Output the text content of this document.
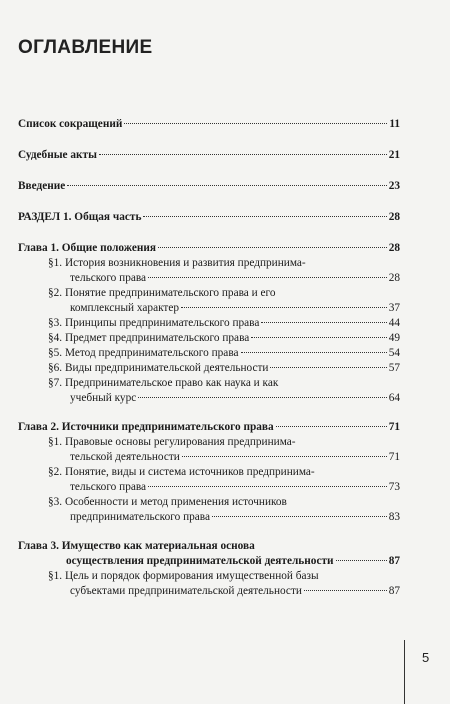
ОГЛАВЛЕНИЕ
Список сокращений	11
Судебные акты	21
Введение	23
РАЗДЕЛ 1. Общая часть	28
Глава 1. Общие положения	28
§1. История возникновения и развития предпринима-
тельского права	28
§2. Понятие предпринимательского права и его
комплексный характер	37
§3. Принципы предпринимательского права	44
§4. Предмет предпринимательского права	49
§5. Метод предпринимательского права	54
§6. Виды предпринимательской деятельности	57
§7. Предпринимательское право как наука и как
учебный курс	64
Глава 2. Источники предпринимательского права	71
§1. Правовые основы регулирования предпринима-
тельской деятельности	71
§2. Понятие, виды и система источников предпринима-
тельского права	73
§3. Особенности и метод применения источников
предпринимательского права	83
Глава 3. Имущество как материальная основа
осуществления предпринимательской деятельности	87
§1. Цель и порядок формирования имущественной базы
субъектами предпринимательской деятельности	87
5
